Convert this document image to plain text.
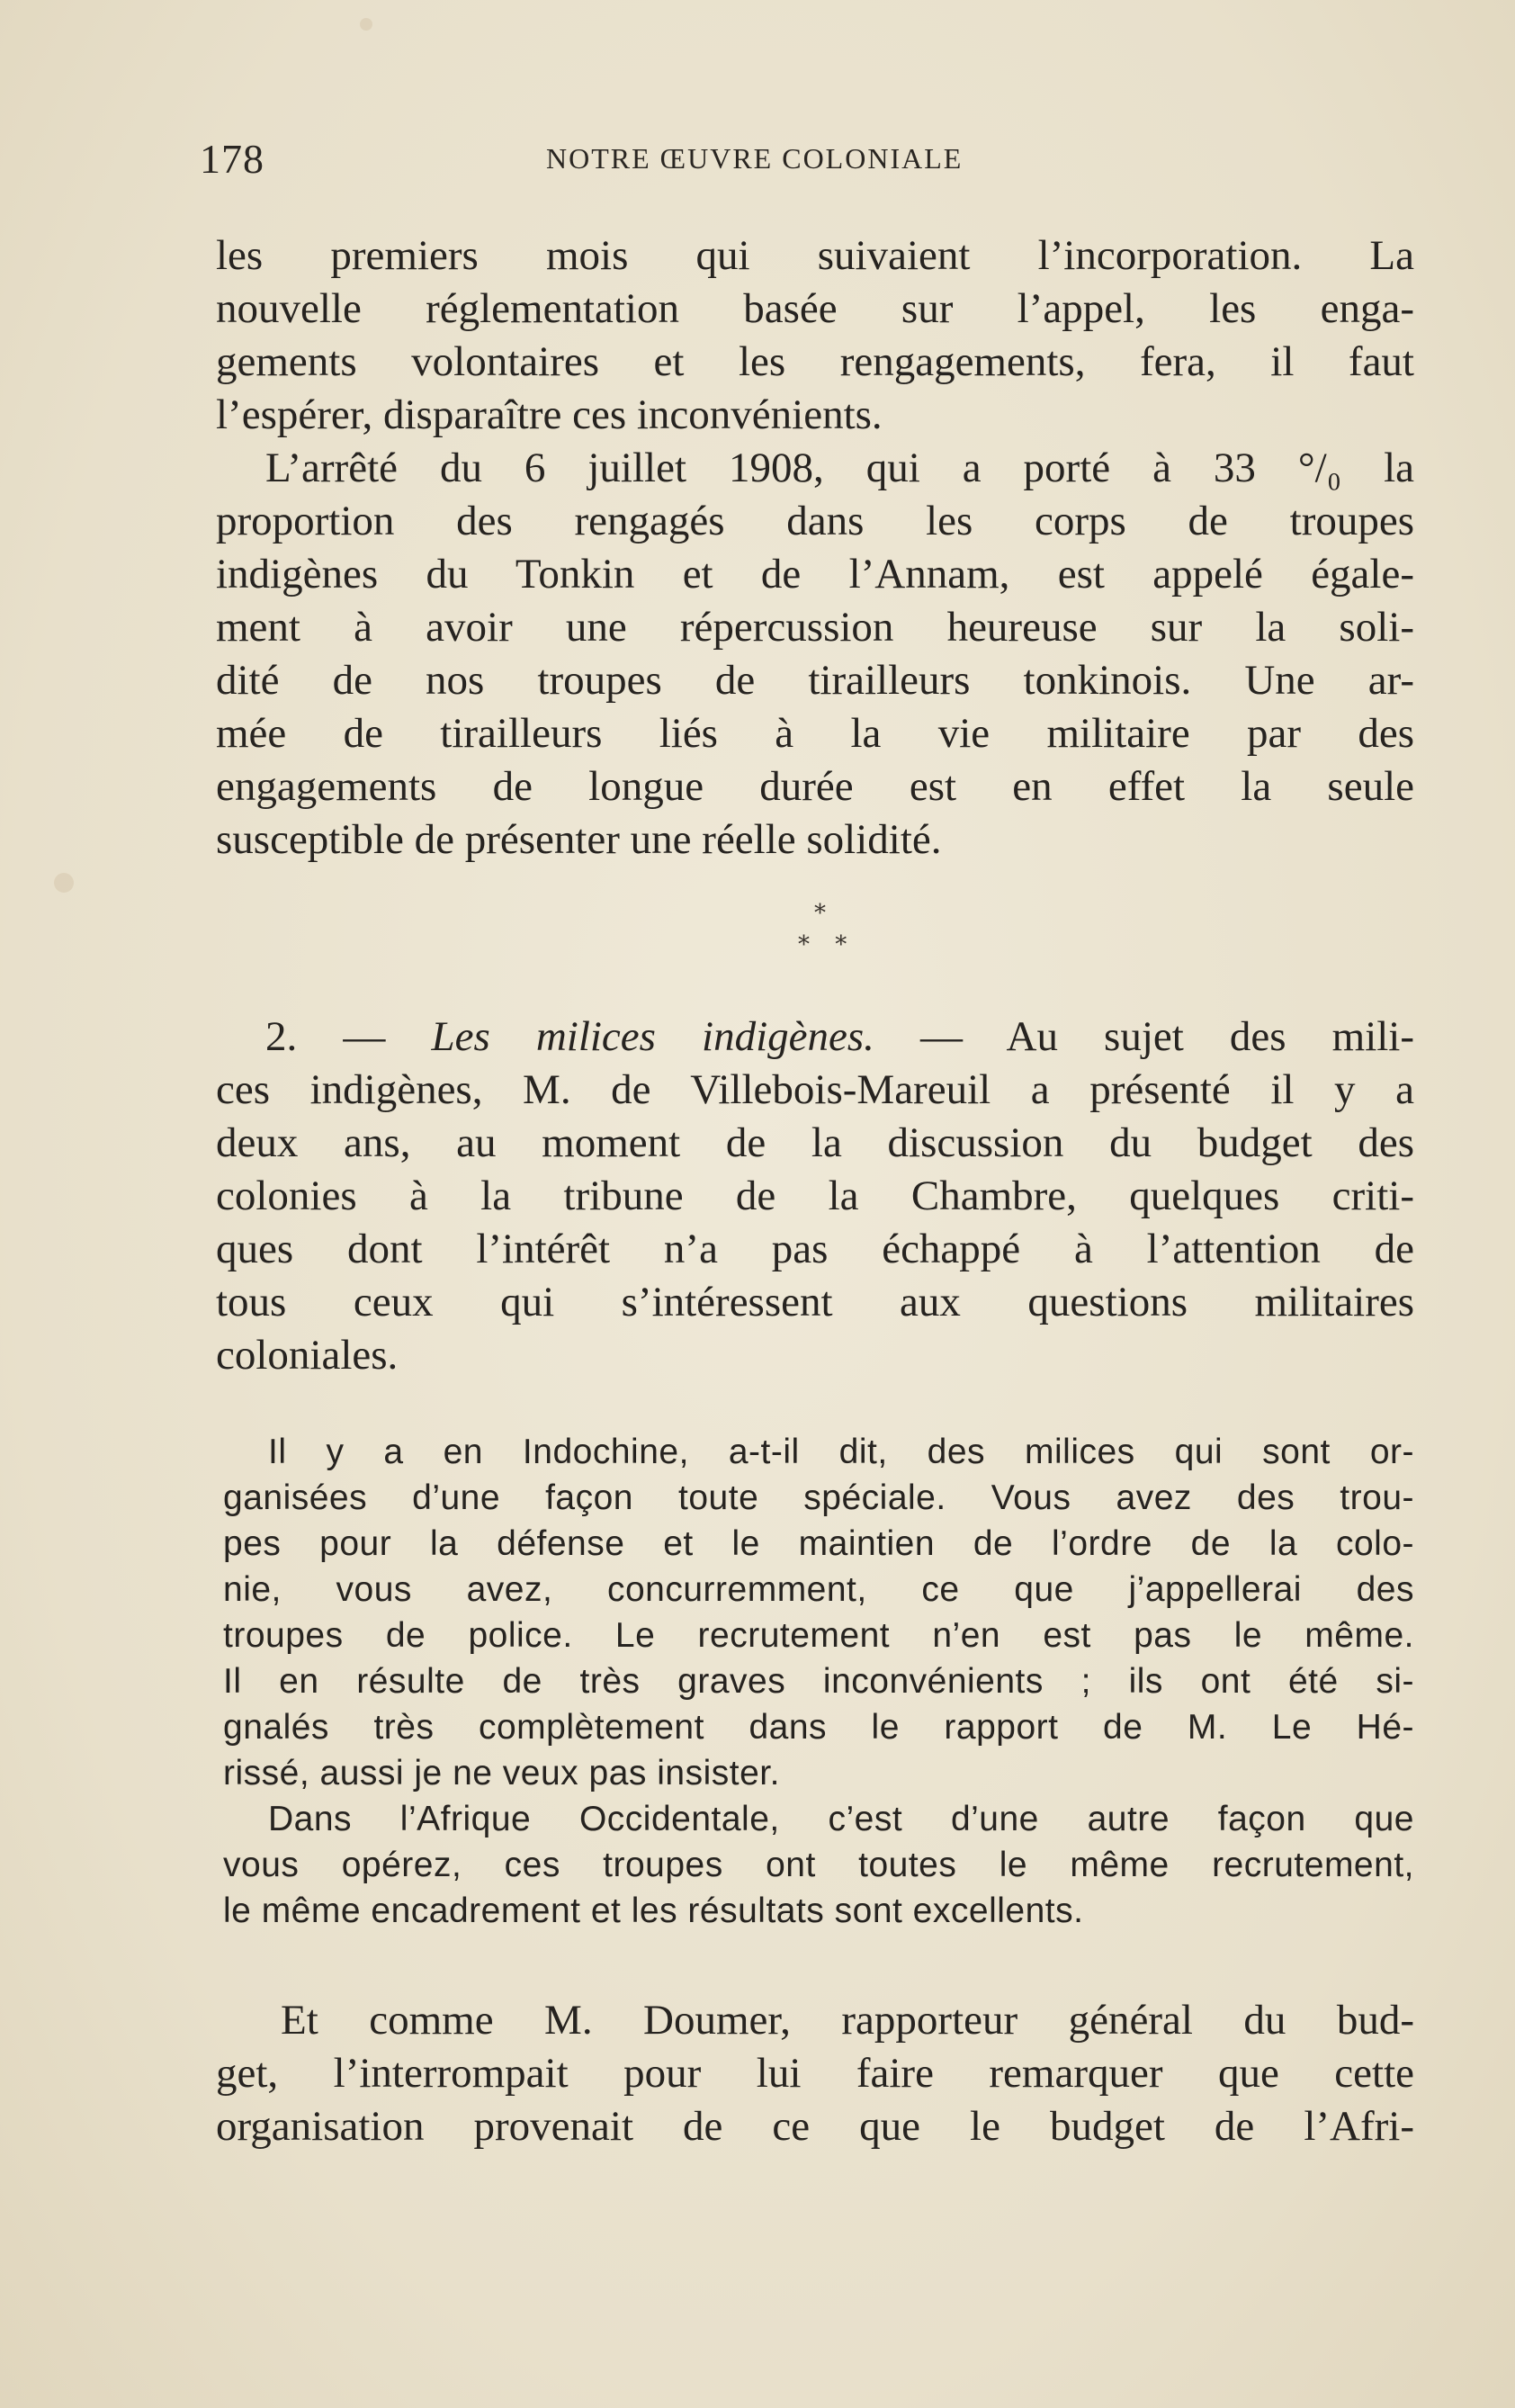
178	NOTRE ŒUVRE COLONIALE
les premiers mois qui suivaient l’incorporation. La
nouvelle réglementation basée sur l’appel, les enga-
gements volontaires et les rengagements, fera, il faut
l’espérer, disparaître ces inconvénients.
L’arrêté du 6 juillet 1908, qui a porté à 33 °/₀ la
proportion des rengagés dans les corps de troupes
indigènes du Tonkin et de l’Annam, est appelé égale-
ment à avoir une répercussion heureuse sur la soli-
dité de nos troupes de tirailleurs tonkinois. Une ar-
mée de tirailleurs liés à la vie militaire par des
engagements de longue durée est en effet la seule
susceptible de présenter une réelle solidité.
*
* *
2. — Les milices indigènes. — Au sujet des mili-
ces indigènes, M. de Villebois-Mareuil a présenté il y a
deux ans, au moment de la discussion du budget des
colonies à la tribune de la Chambre, quelques criti-
ques dont l’intérêt n’a pas échappé à l’attention de
tous ceux qui s’intéressent aux questions militaires
coloniales.
Il y a en Indochine, a-t-il dit, des milices qui sont or-
ganisées d’une façon toute spéciale. Vous avez des trou-
pes pour la défense et le maintien de l’ordre de la colo-
nie, vous avez, concurremment, ce que j’appellerai des
troupes de police. Le recrutement n’en est pas le même.
Il en résulte de très graves inconvénients ; ils ont été si-
gnalés très complètement dans le rapport de M. Le Hé-
rissé, aussi je ne veux pas insister.
Dans l’Afrique Occidentale, c’est d’une autre façon que
vous opérez, ces troupes ont toutes le même recrutement,
le même encadrement et les résultats sont excellents.
Et comme M. Doumer, rapporteur général du bud-
get, l’interrompait pour lui faire remarquer que cette
organisation provenait de ce que le budget de l’Afri-
